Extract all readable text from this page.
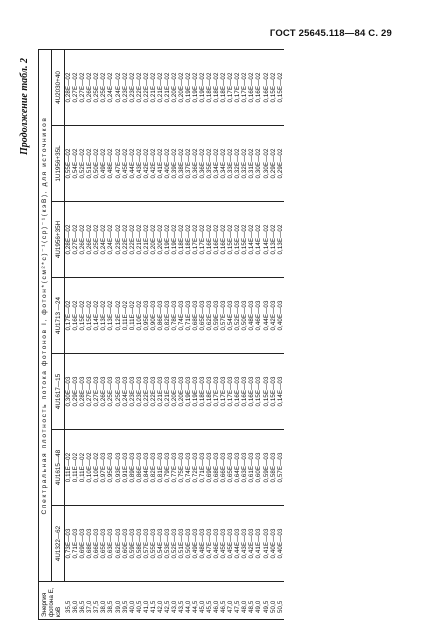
ГОСТ 25645.118—84 С. 29
Продолжение табл. 2
Энергия фотона E, кэВ	Спектральная плотность потока фотонов I, фотон*(см²*с)⁻¹(ср)⁻¹(кэВ), для источников						
	4U1322—62	4U1615—48	4U1617—15	4U1713 —24	4U1956+35H	1U1956+35L	4U2030+40
35,5	0,73E—03	0,11E—02	0,30E—03	0,17E—02	0,28E—02	0,55E—02	0,28E—02
36,0	0,71E—03	0,11E—02	0,29E—03	0,16E—02	0,27E—02	0,54E—02	0,27E—02
36,5	0,69E—03	0,11E—02	0,28E—03	0,15E—02	0,26E—02	0,52E—02	0,27E—02
37,0	0,68E—03	0,10E—02	0,27E—03	0,15E—02	0,26E—02	0,51E—02	0,26E—02
37,5	0,66E—03	0,10E—02	0,27E—03	0,14E—02	0,25E—02	0,50E—02	0,25E—02
38,0	0,65E—03	0,97E—03	0,26E—03	0,13E—02	0,24E—02	0,49E—02	0,25E—02
38,5	0,63E—03	0,95E—03	0,25E—03	0,13E—02	0,24E—02	0,48E—02	0,24E—02
39,0	0,62E—03	0,93E—03	0,25E—03	0,12E—02	0,23E—02	0,47E—02	0,24E—02
39,5	0,60E—03	0,91E—03	0,24E—03	0,11E—02	0,22E—02	0,45E—02	0,23E—02
40,0	0,59E—03	0,89E—03	0,23E—03	0,11E—02	0,22E—02	0,44E—02	0,23E—02
40,5	0,58E—03	0,86E—03	0,23E—03	0,10E—02	0,21E—02	0,43E—02	0,22E—02
41,0	0,57E—03	0,84E—03	0,22E—03	0,95E—03	0,21E—02	0,42E—02	0,22E—02
41,5	0,55E—03	0,82E—03	0,22E—03	0,90E—03	0,20E—02	0,42E—02	0,21E—02
42,0	0,54E—03	0,81E—03	0,21E—03	0,86E—03	0,20E—02	0,41E—02	0,21E—02
42,5	0,53E—03	0,79E—03	0,21E—03	0,82E—03	0,19E—02	0,40E—02	0,21E—02
43,0	0,52E—03	0,77E—03	0,20E—03	0,78E—03	0,19E—02	0,39E—02	0,20E—02
43,5	0,51E—03	0,75E—03	0,20E—03	0,74E—03	0,18E—02	0,38E—02	0,20E—02
44,0	0,50E—03	0,74E—03	0,19E—03	0,71E—03	0,18E—02	0,37E—02	0,19E—02
44,5	0,49E—03	0,72E—03	0,19E—03	0,68E—03	0,17E—02	0,36E—02	0,19E—02
45,0	0,48E—03	0,71E—03	0,18E—03	0,65E—03	0,17E—02	0,36E—02	0,19E—02
45,5	0,47E—03	0,69E—03	0,18E—03	0,62E—03	0,16E—02	0,35E—02	0,18E—02
46,0	0,46E—03	0,68E—03	0,17E—03	0,59E—03	0,16E—02	0,34E—02	0,18E—02
46,5	0,45E—03	0,66E—03	0,17E—03	0,57E—03	0,16E—02	0,34E—02	0,18E—02
47,0	0,45E—03	0,65E—03	0,17E—03	0,54E—03	0,15E—02	0,33E—02	0,17E—02
47,5	0,44E—03	0,64E—03	0,16E—03	0,52E—03	0,15E—02	0,32E—02	0,17E—02
48,0	0,43E—03	0,63E—03	0,16E—03	0,50E—03	0,15E—02	0,32E—02	0,17E—02
48,5	0,42E—03	0,61E—03	0,16E—03	0,48E—03	0,14E—02	0,31E—02	0,16E—02
49,0	0,41E—03	0,60E—03	0,15E—03	0,46E—03	0,14E—02	0,30E—02	0,16E—02
49,5	0,41E—03	0,59E—03	0,15E—03	0,44E—03	0,14E—02	0,30E—02	0,16E—02
50,0	0,40E—03	0,58E—03	0,15E—03	0,42E—03	0,13E—02	0,29E—02	0,15E—02
50,5	0,40E—03	0,57E—03	0,14E—03	0,40E—03	0,13E—02	0,29E—02	0,15E—02
